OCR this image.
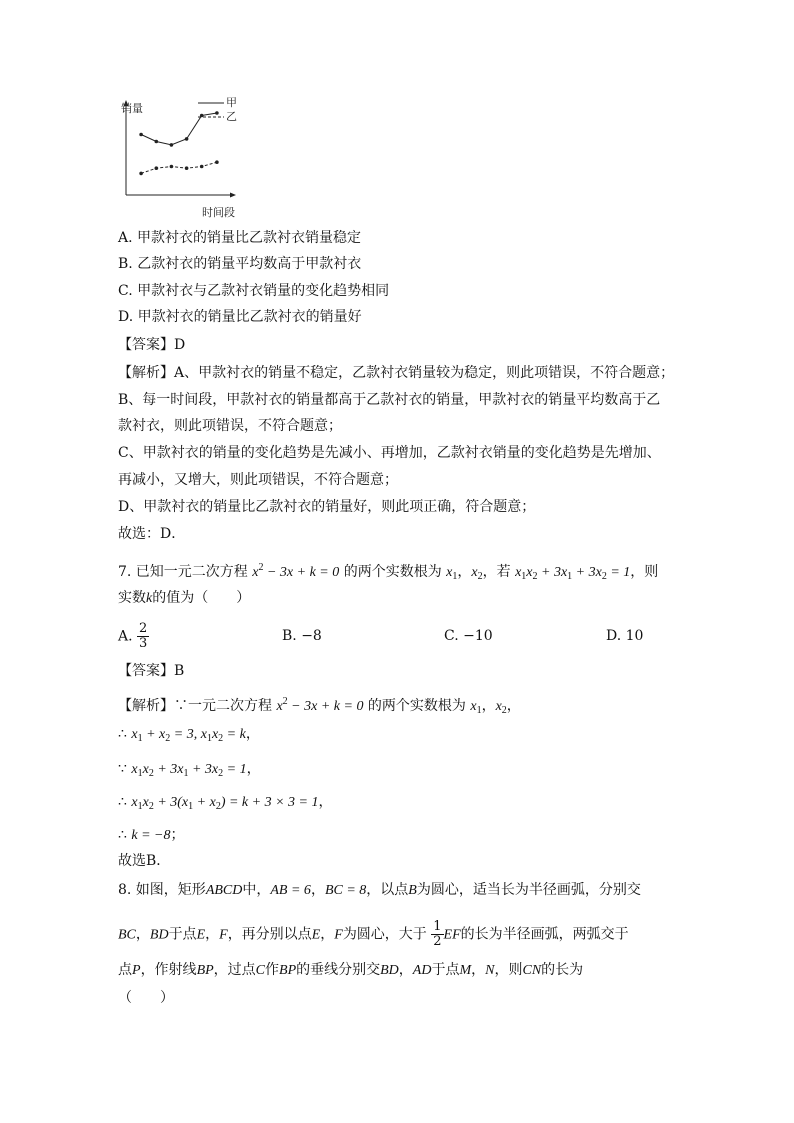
销量
时间段
甲
乙
A. 甲款衬衣的销量比乙款衬衣销量稳定
B. 乙款衬衣的销量平均数高于甲款衬衣
C. 甲款衬衣与乙款衬衣销量的变化趋势相同
D. 甲款衬衣的销量比乙款衬衣的销量好
【答案】D
【解析】A、甲款衬衣的销量不稳定，乙款衬衣销量较为稳定，则此项错误，不符合题意；
B、每一时间段，甲款衬衣的销量都高于乙款衬衣的销量，甲款衬衣的销量平均数高于乙
款衬衣，则此项错误，不符合题意；
C、甲款衬衣的销量的变化趋势是先减小、再增加，乙款衬衣销量的变化趋势是先增加、
再减小，又增大，则此项错误，不符合题意；
D、甲款衬衣的销量比乙款衬衣的销量好，则此项正确，符合题意；
故选：D．
7. 已知一元二次方程 $x^2 - 3x + k = 0$ 的两个实数根为 $x_1$，$x_2$，若 $x_1x_2 + 3x_1 + 3x_2 = 1$，则
实数k的值为（　　）
A. $\frac{2}{3}$	B. −8	C. −10	D. 10
【答案】B
【解析】∵一元二次方程 $x^2 - 3x + k = 0$ 的两个实数根为 $x_1$，$x_2$，
∴ $x_1 + x_2 = 3$, $x_1x_2 = k$，
∵ $x_1x_2 + 3x_1 + 3x_2 = 1$，
∴ $x_1x_2 + 3(x_1 + x_2) = k + 3 \times 3 = 1$，
∴ k = −8；
故选B．
8. 如图，矩形ABCD中，AB = 6，BC = 8，以点B为圆心，适当长为半径画弧，分别交
BC，BD于点E，F，再分别以点E，F为圆心，大于 $\frac{1}{2}$ EF的长为半径画弧，两弧交于
点P，作射线BP，过点C作BP的垂线分别交BD，AD于点M，N，则CN的长为
（　　）
